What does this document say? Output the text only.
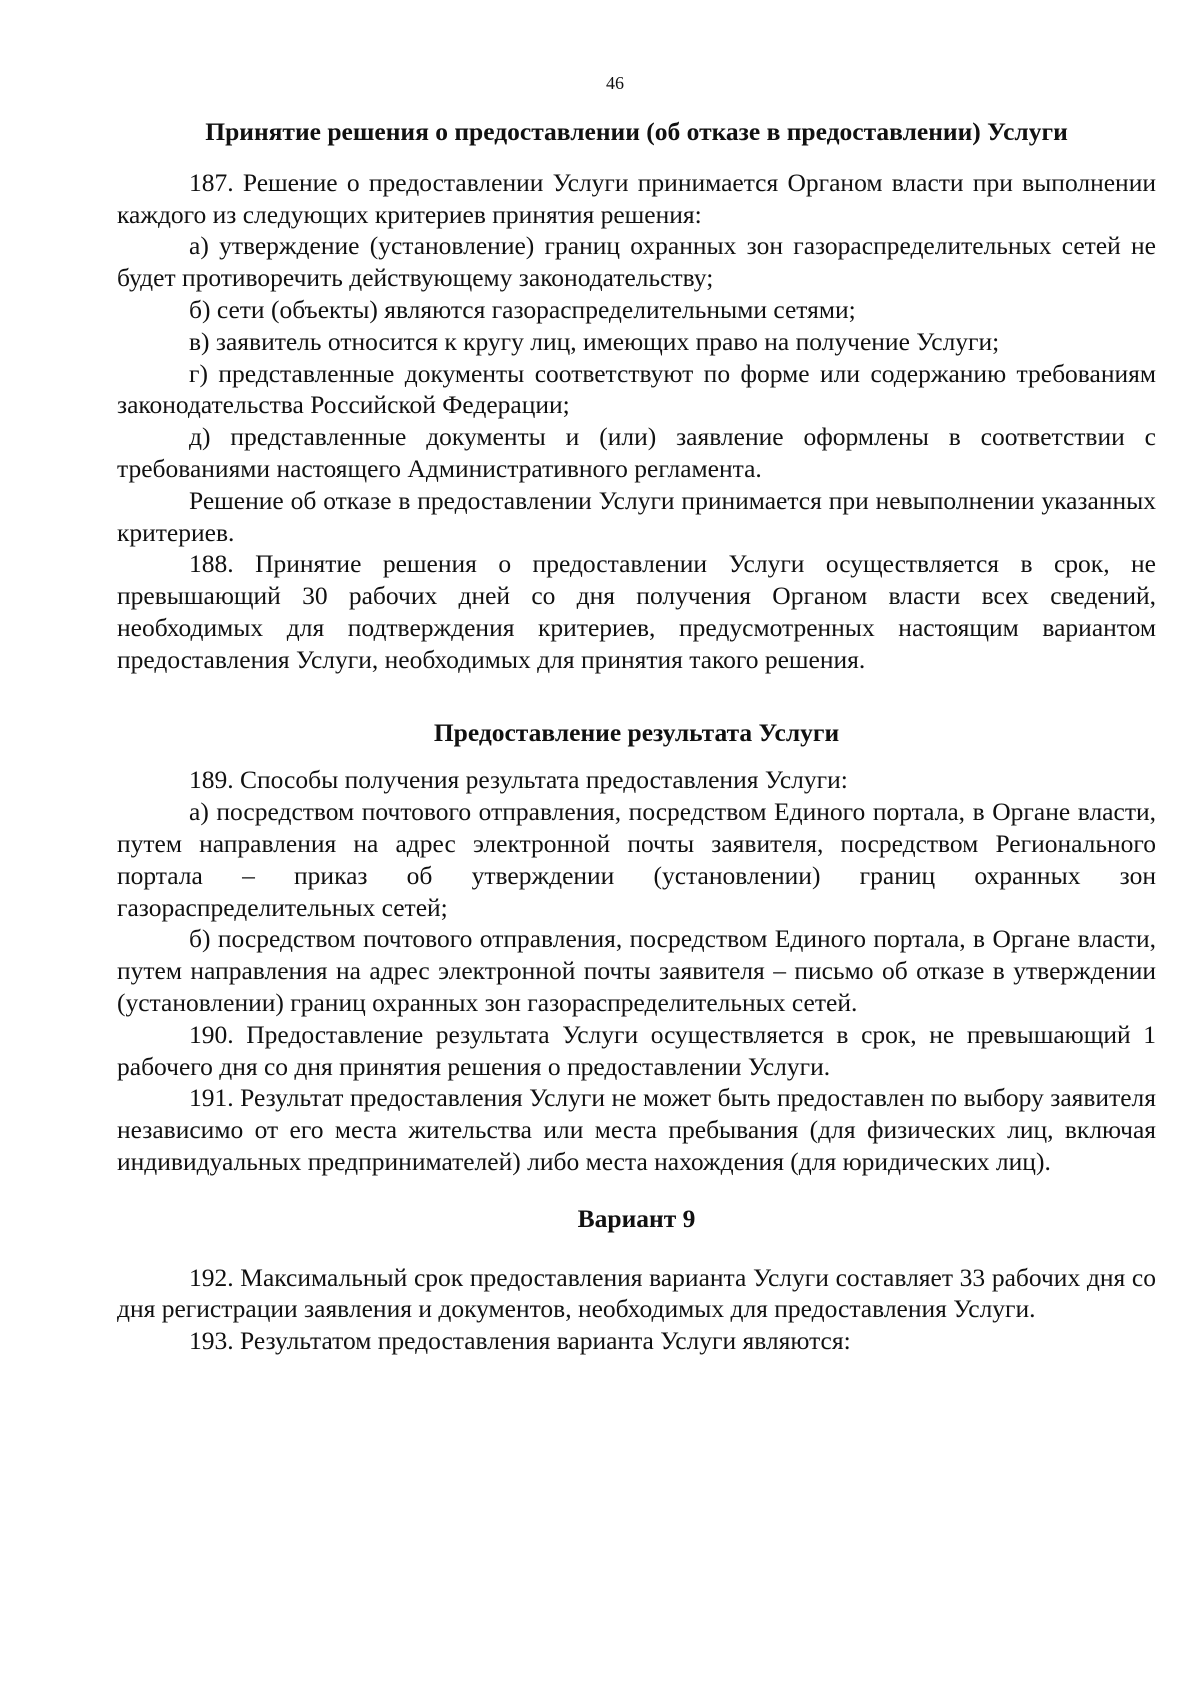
46
Принятие решения о предоставлении (об отказе в предоставлении) Услуги

187. Решение о предоставлении Услуги принимается Органом власти при выполнении каждого из следующих критериев принятия решения:

а) утверждение (установление) границ охранных зон газораспределительных сетей не будет противоречить действующему законодательству;

б) сети (объекты) являются газораспределительными сетями;

в) заявитель относится к кругу лиц, имеющих право на получение Услуги;

г) представленные документы соответствуют по форме или содержанию требованиям законодательства Российской Федерации;

д) представленные документы и (или) заявление оформлены в соответствии с требованиями настоящего Административного регламента.

Решение об отказе в предоставлении Услуги принимается при невыполнении указанных критериев.

188. Принятие решения о предоставлении Услуги осуществляется в срок, не превышающий 30 рабочих дней со дня получения Органом власти всех сведений, необходимых для подтверждения критериев, предусмотренных настоящим вариантом предоставления Услуги, необходимых для принятия такого решения.

Предоставление результата Услуги

189. Способы получения результата предоставления Услуги:

а) посредством почтового отправления, посредством Единого портала, в Органе власти, путем направления на адрес электронной почты заявителя, посредством Регионального портала – приказ об утверждении (установлении) границ охранных зон газораспределительных сетей;

б) посредством почтового отправления, посредством Единого портала, в Органе власти, путем направления на адрес электронной почты заявителя – письмо об отказе в утверждении (установлении) границ охранных зон газораспределительных сетей.

190. Предоставление результата Услуги осуществляется в срок, не превышающий 1 рабочего дня со дня принятия решения о предоставлении Услуги.

191. Результат предоставления Услуги не может быть предоставлен по выбору заявителя независимо от его места жительства или места пребывания (для физических лиц, включая индивидуальных предпринимателей) либо места нахождения (для юридических лиц).

Вариант 9

192. Максимальный срок предоставления варианта Услуги составляет 33 рабочих дня со дня регистрации заявления и документов, необходимых для предоставления Услуги.

193. Результатом предоставления варианта Услуги являются:
